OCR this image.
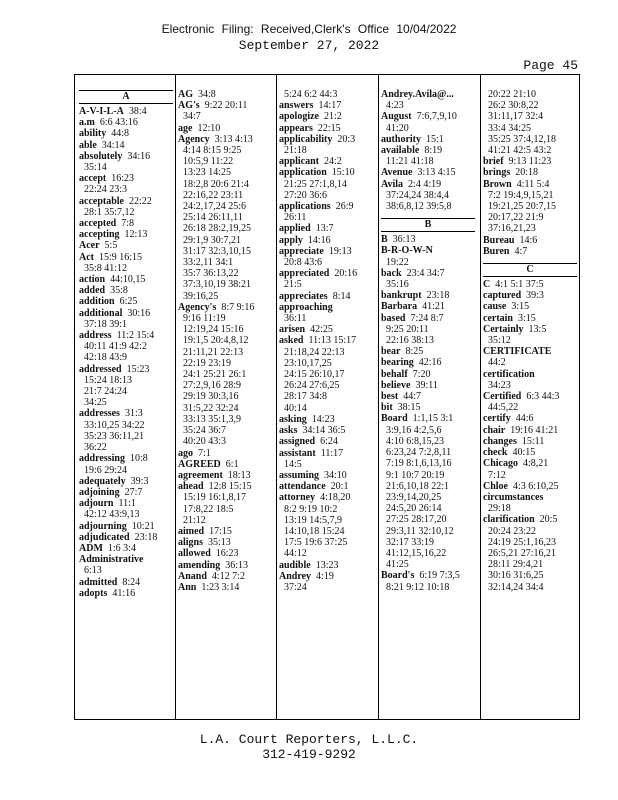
Electronic Filing: Received,Clerk's Office 10/04/2022
September 27, 2022
Page 45
A
A-V-I-L-A 38:4
a.m 6:6 43:16
ability 44:8
able 34:14
absolutely 34:16
35:14
accept 16:23
22:24 23:3
acceptable 22:22
28:1 35:7,12
accepted 7:8
accepting 12:13
Acer 5:5
Act 15:9 16:15
35:8 41:12
action 44:10,15
added 35:8
addition 6:25
additional 30:16
37:18 39:1
address 11:2 15:4
40:11 41:9 42:2
42:18 43:9
addressed 15:23
15:24 18:13
21:7 24:24
34:25
addresses 31:3
33:10,25 34:22
35:23 36:11,21
36:22
addressing 10:8
19:6 29:24
adequately 39:3
adjoining 27:7
adjourn 11:1
42:12 43:9,13
adjourning 10:21
adjudicated 23:18
ADM 1:6 3:4
Administrative
6:13
admitted 8:24
adopts 41:16
AG 34:8
AG's 9:22 20:11
34:7
age 12:10
Agency 3:13 4:13
4:14 8:15 9:25
10:5,9 11:22
13:23 14:25
18:2,8 20:6 21:4
22:16,22 23:11
24:2,17,24 25:6
25:14 26:11,11
26:18 28:2,19,25
29:1,9 30:7,21
31:17 32:3,10,15
33:2,11 34:1
35:7 36:13,22
37:3,10,19 38:21
39:16,25
Agency's 8:7 9:16
9:16 11:19
12:19,24 15:16
19:1,5 20:4,8,12
21:11,21 22:13
22:19 23:19
24:1 25:21 26:1
27:2,9,16 28:9
29:19 30:3,16
31:5,22 32:24
33:13 35:1,3,9
35:24 36:7
40:20 43:3
ago 7:1
AGREED 6:1
agreement 18:13
ahead 12:8 15:15
15:19 16:1,8,17
17:8,22 18:5
21:12
aimed 17:15
aligns 35:13
allowed 16:23
amending 36:13
Anand 4:12 7:2
Ann 1:23 3:14
5:24 6:2 44:3
answers 14:17
apologize 21:2
appears 22:15
applicability 20:3
21:18
applicant 24:2
application 15:10
21:25 27:1,8,14
27:20 36:6
applications 26:9
26:11
applied 13:7
apply 14:16
appreciate 19:13
20:8 43:6
appreciated 20:16
21:5
appreciates 8:14
approaching
36:11
arisen 42:25
asked 11:13 15:17
21:18,24 22:13
23:10,17,25
24:15 26:10,17
26:24 27:6,25
28:17 34:8
40:14
asking 14:23
asks 34:14 36:5
assigned 6:24
assistant 11:17
14:5
assuming 34:10
attendance 20:1
attorney 4:18,20
8:2 9:19 10:2
13:19 14:5,7,9
14:10,18 15:24
17:5 19:6 37:25
44:12
audible 13:23
Andrey 4:19
37:24
Andrey.Avila@...
4:23
August 7:6,7,9,10
41:20
authority 15:1
available 8:19
11:21 41:18
Avenue 3:13 4:15
Avila 2:4 4:19
37:24,24 38:4,4
38:6,8,12 39:5,8
B
B 36:13
B-R-O-W-N
19:22
back 23:4 34:7
35:16
bankrupt 23:18
Barbara 41:21
based 7:24 8:7
9:25 20:11
22:16 38:13
bear 8:25
bearing 42:16
behalf 7:20
believe 39:11
best 44:7
bit 38:15
Board 1:1,15 3:1
3:9,16 4:2,5,6
4:10 6:8,15,23
6:23,24 7:2,8,11
7:19 8:1,6,13,16
9:1 10:7 20:19
21:6,10,18 22:1
23:9,14,20,25
24:5,20 26:14
27:25 28:17,20
29:3,11 32:10,12
32:17 33:19
41:12,15,16,22
41:25
Board's 6:19 7:3,5
8:21 9:12 10:18
20:22 21:10
26:2 30:8,22
31:11,17 32:4
33:4 34:25
35:25 37:4,12,18
41:21 42:5 43:2
brief 9:13 11:23
brings 20:18
Brown 4:11 5:4
7:2 19:4,9,15,21
19:21,25 20:7,15
20:17,22 21:9
37:16,21,23
Bureau 14:6
Buren 4:7
C
C 4:1 5:1 37:5
captured 39:3
cause 3:15
certain 3:15
Certainly 13:5
35:12
CERTIFICATE
44:2
certification
34:23
Certified 6:3 44:3
44:5,22
certify 44:6
chair 19:16 41:21
changes 15:11
check 40:15
Chicago 4:8,21
7:12
Chloe 4:3 6:10,25
circumstances
29:18
clarification 20:5
20:24 23:22
24:19 25:1,16,23
26:5,21 27:16,21
28:11 29:4,21
30:16 31:6,25
32:14,24 34:4
L.A. Court Reporters, L.L.C.
312-419-9292
